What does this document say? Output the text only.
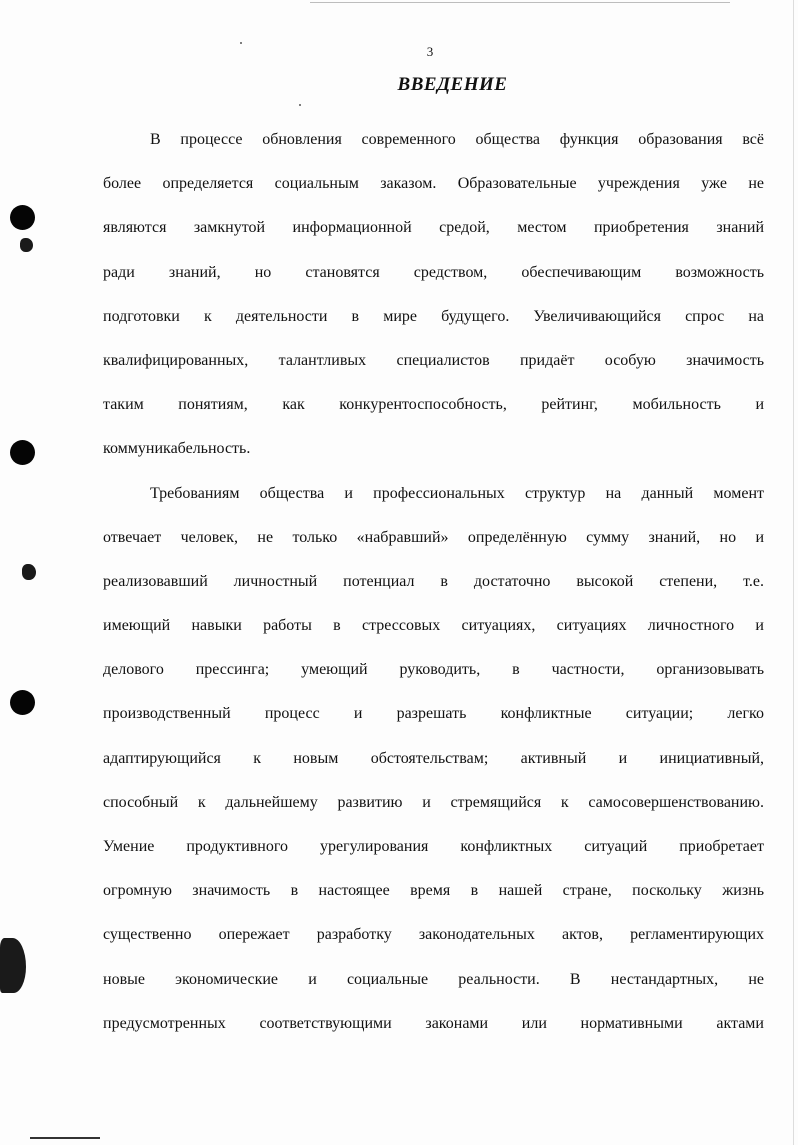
3
ВВЕДЕНИЕ
В процессе обновления современного общества функция образования всё
более определяется социальным заказом. Образовательные учреждения уже не
являются замкнутой информационной средой, местом приобретения знаний
ради знаний, но становятся средством, обеспечивающим возможность
подготовки к деятельности в мире будущего. Увеличивающийся спрос на
квалифицированных, талантливых специалистов придаёт особую значимость
таким понятиям, как конкурентоспособность, рейтинг, мобильность и
коммуникабельность.
Требованиям общества и профессиональных структур на данный момент
отвечает человек, не только «набравший» определённую сумму знаний, но и
реализовавший личностный потенциал в достаточно высокой степени, т.е.
имеющий навыки работы в стрессовых ситуациях, ситуациях личностного и
делового прессинга; умеющий руководить, в частности, организовывать
производственный процесс и разрешать конфликтные ситуации; легко
адаптирующийся к новым обстоятельствам; активный и инициативный,
способный к дальнейшему развитию и стремящийся к самосовершенствованию.
Умение продуктивного урегулирования конфликтных ситуаций приобретает
огромную значимость в настоящее время в нашей стране, поскольку жизнь
существенно опережает разработку законодательных актов, регламентирующих
новые экономические и социальные реальности. В нестандартных, не
предусмотренных соответствующими законами или нормативными актами
